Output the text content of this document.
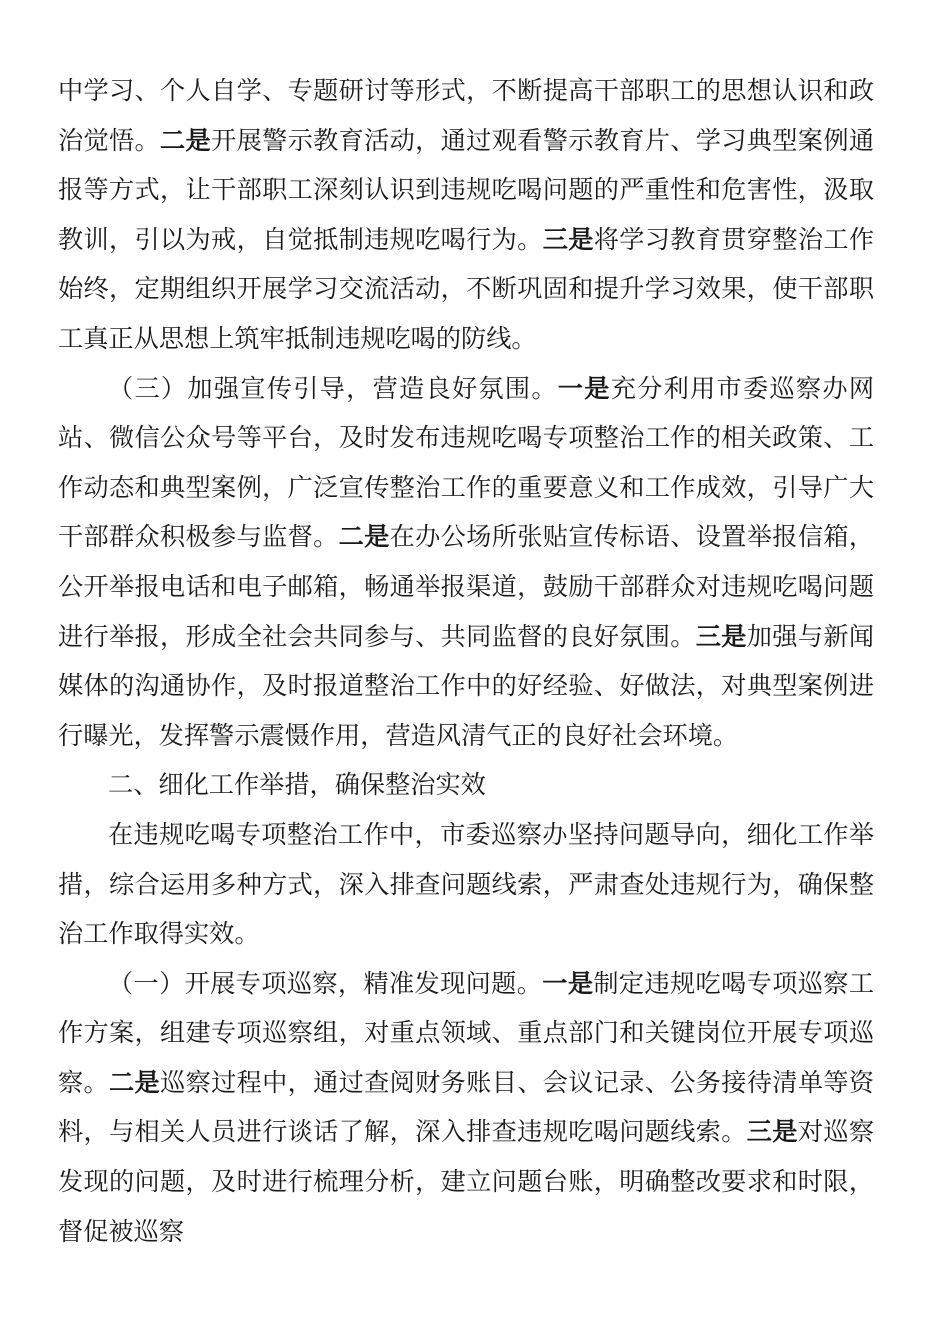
中学习、个人自学、专题研讨等形式，不断提高干部职工的思想认识和政治觉悟。二是开展警示教育活动，通过观看警示教育片、学习典型案例通报等方式，让干部职工深刻认识到违规吃喝问题的严重性和危害性，汲取教训，引以为戒，自觉抵制违规吃喝行为。三是将学习教育贯穿整治工作始终，定期组织开展学习交流活动，不断巩固和提升学习效果，使干部职工真正从思想上筑牢抵制违规吃喝的防线。

（三）加强宣传引导，营造良好氛围。一是充分利用市委巡察办网站、微信公众号等平台，及时发布违规吃喝专项整治工作的相关政策、工作动态和典型案例，广泛宣传整治工作的重要意义和工作成效，引导广大干部群众积极参与监督。二是在办公场所张贴宣传标语、设置举报信箱，公开举报电话和电子邮箱，畅通举报渠道，鼓励干部群众对违规吃喝问题进行举报，形成全社会共同参与、共同监督的良好氛围。三是加强与新闻媒体的沟通协作，及时报道整治工作中的好经验、好做法，对典型案例进行曝光，发挥警示震慑作用，营造风清气正的良好社会环境。

二、细化工作举措，确保整治实效

在违规吃喝专项整治工作中，市委巡察办坚持问题导向，细化工作举措，综合运用多种方式，深入排查问题线索，严肃查处违规行为，确保整治工作取得实效。

（一）开展专项巡察，精准发现问题。一是制定违规吃喝专项巡察工作方案，组建专项巡察组，对重点领域、重点部门和关键岗位开展专项巡察。二是巡察过程中，通过查阅财务账目、会议记录、公务接待清单等资料，与相关人员进行谈话了解，深入排查违规吃喝问题线索。三是对巡察发现的问题，及时进行梳理分析，建立问题台账，明确整改要求和时限，督促被巡察
